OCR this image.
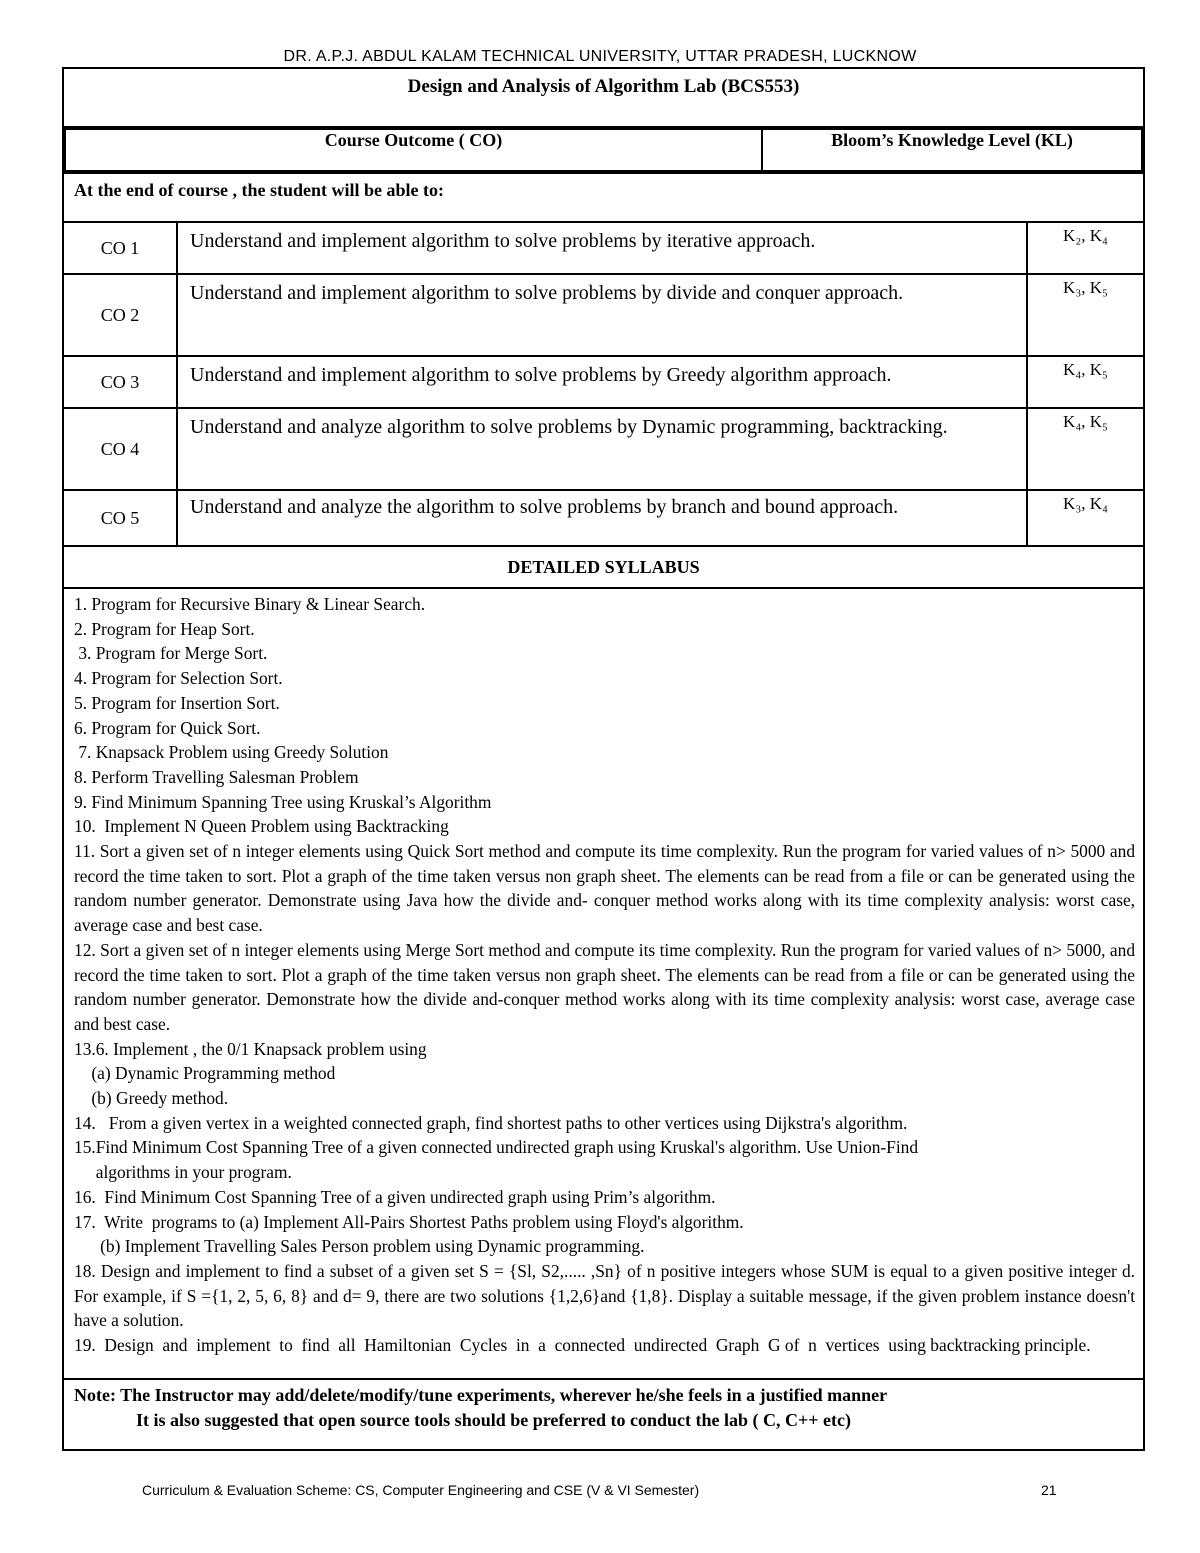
DR. A.P.J. ABDUL KALAM TECHNICAL UNIVERSITY, UTTAR PRADESH, LUCKNOW
Design and Analysis of Algorithm Lab (BCS553)

Course Outcome ( CO)	Bloom’s Knowledge Level (KL)

At the end of course , the student will be able to:
CO 1	Understand and implement algorithm to solve problems by iterative approach.	K₂, K₄
CO 2	Understand and implement algorithm to solve problems by divide and conquer approach.	K₃, K₅
CO 3	Understand and implement algorithm to solve problems by Greedy algorithm approach.	K₄, K₅
CO 4	Understand and analyze algorithm to solve problems by Dynamic programming, backtracking.	K₄, K₅
CO 5	Understand and analyze the algorithm to solve problems by branch and bound approach.	K₃, K₄
DETAILED SYLLABUS

1. Program for Recursive Binary & Linear Search.
2. Program for Heap Sort.
3. Program for Merge Sort.
4. Program for Selection Sort.
5. Program for Insertion Sort.
6. Program for Quick Sort.
7. Knapsack Problem using Greedy Solution
8. Perform Travelling Salesman Problem
9. Find Minimum Spanning Tree using Kruskal’s Algorithm
10.  Implement N Queen Problem using Backtracking
11. Sort a given set of n integer elements using Quick Sort method and compute its time complexity. Run the program for varied values of n> 5000 and record the time taken to sort. Plot a graph of the time taken versus non graph sheet. The elements can be read from a file or can be generated using the random number generator. Demonstrate using Java how the divide and- conquer method works along with its time complexity analysis: worst case, average case and best case.
12. Sort a given set of n integer elements using Merge Sort method and compute its time complexity. Run the program for varied values of n> 5000, and record the time taken to sort. Plot a graph of the time taken versus non graph sheet. The elements can be read from a file or can be generated using the random number generator. Demonstrate how the divide and-conquer method works along with its time complexity analysis: worst case, average case and best case.
13.6. Implement , the 0/1 Knapsack problem using
(a) Dynamic Programming method
(b) Greedy method.
14.   From a given vertex in a weighted connected graph, find shortest paths to other vertices using Dijkstra's algorithm.
15.Find Minimum Cost Spanning Tree of a given connected undirected graph using Kruskal's algorithm. Use Union-Find
algorithms in your program.
16.  Find Minimum Cost Spanning Tree of a given undirected graph using Prim’s algorithm.
17.  Write  programs to (a) Implement All-Pairs Shortest Paths problem using Floyd's algorithm.
(b) Implement Travelling Sales Person problem using Dynamic programming.
18. Design and implement to find a subset of a given set S = {Sl, S2,..... ,Sn} of n positive integers whose SUM is equal to a given positive integer d. For example, if S ={1, 2, 5, 6, 8} and d= 9, there are two solutions {1,2,6}and {1,8}. Display a suitable message, if the given problem instance doesn't have a solution.
19.  Design  and  implement  to  find  all  Hamiltonian  Cycles  in  a  connected  undirected  Graph  G of  n  vertices  using backtracking principle.

Note: The Instructor may add/delete/modify/tune experiments, wherever he/she feels in a justified manner
It is also suggested that open source tools should be preferred to conduct the lab ( C, C++ etc)
Curriculum & Evaluation Scheme: CS, Computer Engineering and CSE (V & VI Semester)	21
